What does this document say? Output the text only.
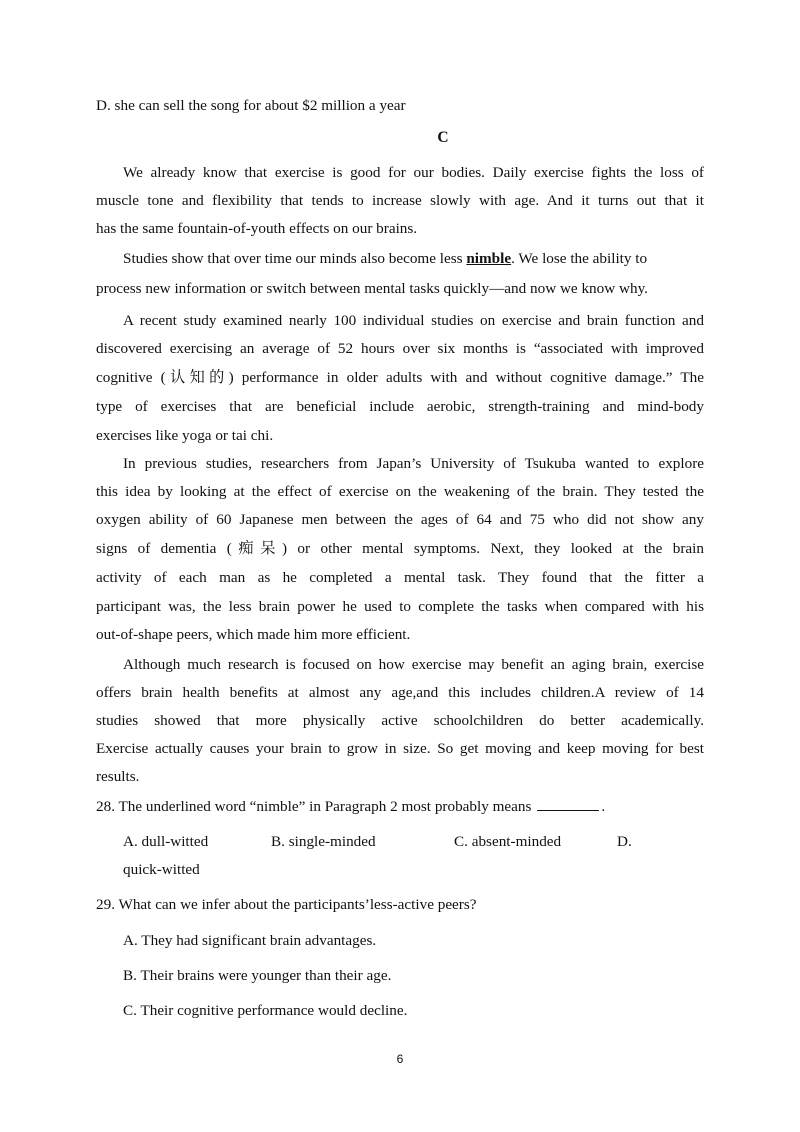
D. she can sell the song for about $2 million a year
C
We already know that exercise is good for our bodies. Daily exercise fights the loss of
muscle tone and flexibility that tends to increase slowly with age. And it turns out that it
has the same fountain-of-youth effects on our brains.
Studies show that over time our minds also become less nimble. We lose the ability to
process new information or switch between mental tasks quickly—and now we know why.
A recent study examined nearly 100 individual studies on exercise and brain function and
discovered exercising an average of 52 hours over six months is “associated with improved
cognitive (认知的) performance in older adults with and without cognitive damage.” The
type of exercises that are beneficial include aerobic, strength-training and mind-body
exercises like yoga or tai chi.
In previous studies, researchers from Japan’s University of Tsukuba wanted to explore
this idea by looking at the effect of exercise on the weakening of the brain. They tested the
oxygen ability of 60 Japanese men between the ages of 64 and 75 who did not show any
signs of dementia (痴呆) or other mental symptoms. Next, they looked at the brain
activity of each man as he completed a mental task. They found that the fitter a
participant was, the less brain power he used to complete the tasks when compared with his
out-of-shape peers, which made him more efficient.
Although much research is focused on how exercise may benefit an aging brain, exercise
offers brain health benefits at almost any age,and this includes children.A review of 14
studies showed that more physically active schoolchildren do better academically.
Exercise actually causes your brain to grow in size. So get moving and keep moving for best
results.
28. The underlined word “nimble” in Paragraph 2 most probably means	.
A. dull-witted	B. single-minded	C. absent-minded	D.
quick-witted
29. What can we infer about the participants’less-active peers?
A. They had significant brain advantages.
B. Their brains were younger than their age.
C. Their cognitive performance would decline.
6
